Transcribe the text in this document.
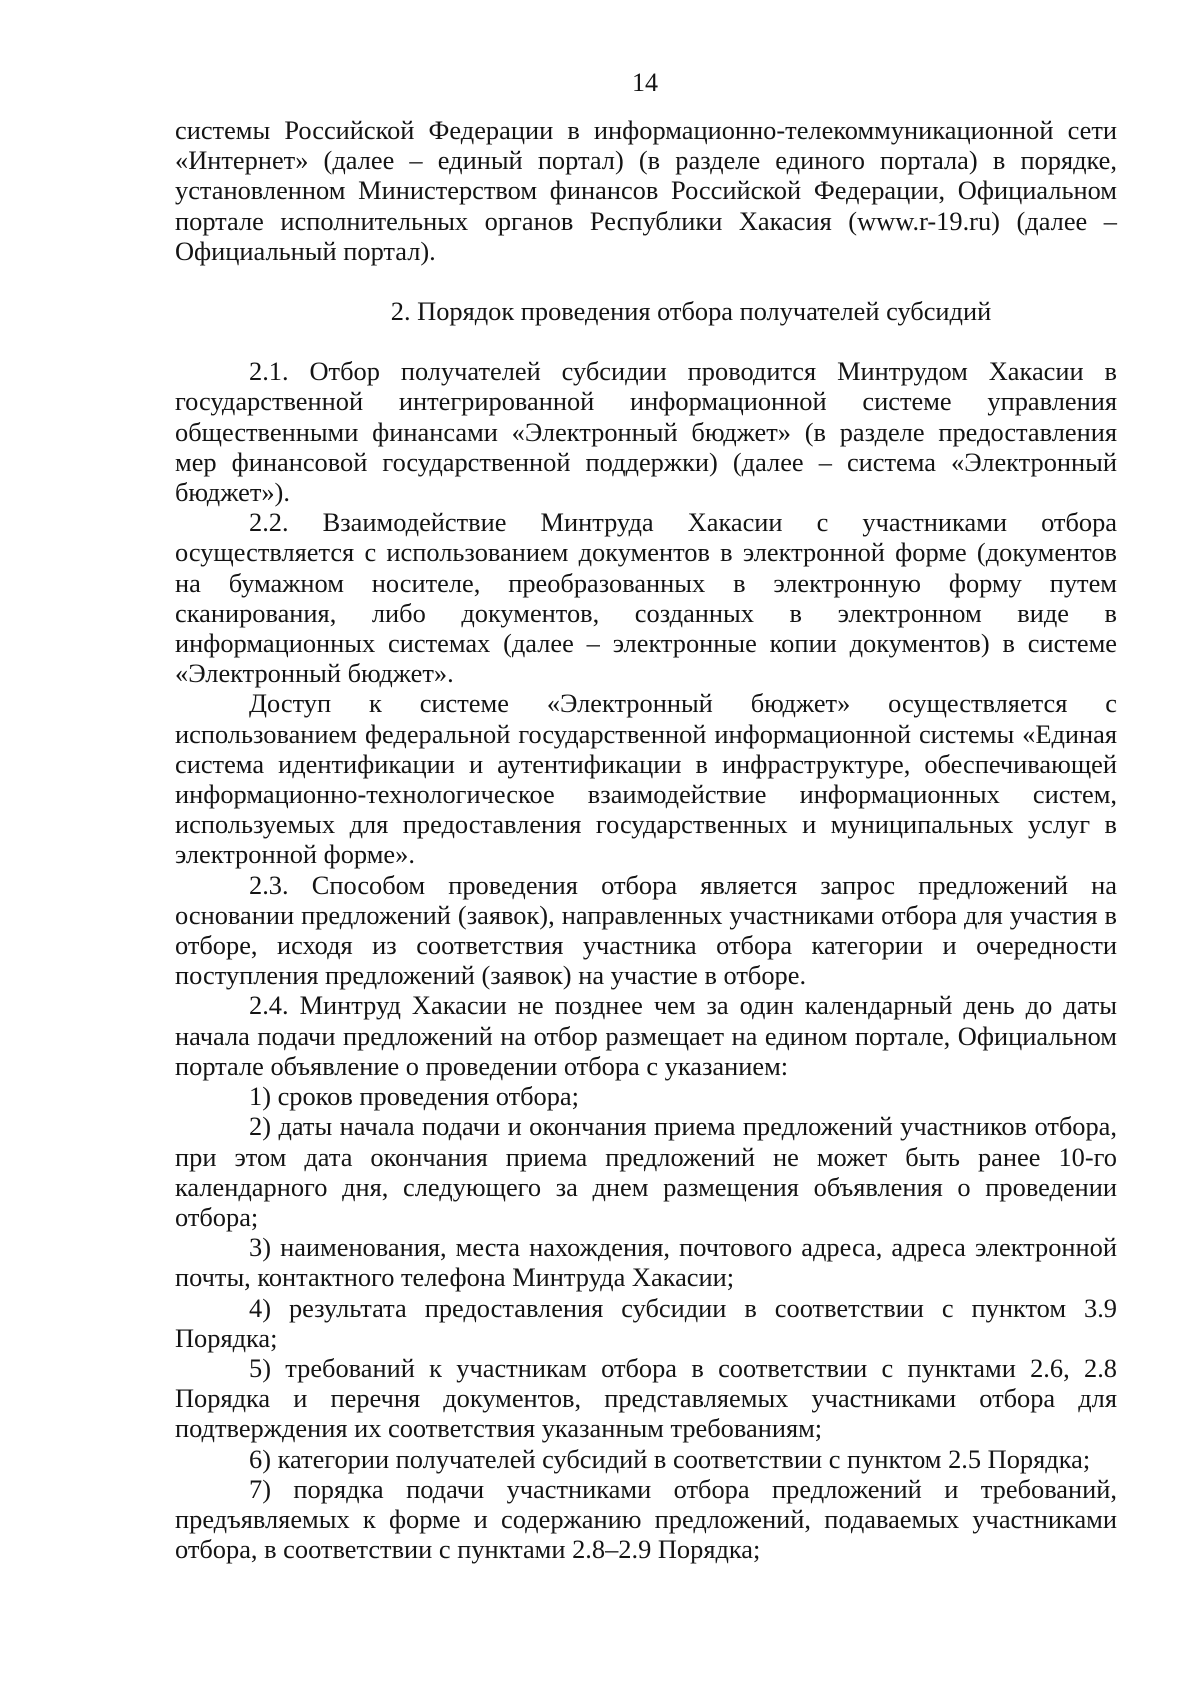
14

системы Российской Федерации в информационно-телекоммуникационной сети «Интернет» (далее – единый портал) (в разделе единого портала) в порядке, установленном Министерством финансов Российской Федерации, Официальном портале исполнительных органов Республики Хакасия (www.r-19.ru) (далее – Официальный портал).

2. Порядок проведения отбора получателей субсидий

2.1. Отбор получателей субсидии проводится Минтрудом Хакасии в государственной интегрированной информационной системе управления общественными финансами «Электронный бюджет» (в разделе предоставления мер финансовой государственной поддержки) (далее – система «Электронный бюджет»).

2.2. Взаимодействие Минтруда Хакасии с участниками отбора осуществляется с использованием документов в электронной форме (документов на бумажном носителе, преобразованных в электронную форму путем сканирования, либо документов, созданных в электронном виде в информационных системах (далее – электронные копии документов) в системе «Электронный бюджет».

Доступ к системе «Электронный бюджет» осуществляется с использованием федеральной государственной информационной системы «Единая система идентификации и аутентификации в инфраструктуре, обеспечивающей информационно-технологическое взаимодействие информационных систем, используемых для предоставления государственных и муниципальных услуг в электронной форме».

2.3. Способом проведения отбора является запрос предложений на основании предложений (заявок), направленных участниками отбора для участия в отборе, исходя из соответствия участника отбора категории и очередности поступления предложений (заявок) на участие в отборе.

2.4. Минтруд Хакасии не позднее чем за один календарный день до даты начала подачи предложений на отбор размещает на едином портале, Официальном портале объявление о проведении отбора с указанием:

1) сроков проведения отбора;

2) даты начала подачи и окончания приема предложений участников отбора, при этом дата окончания приема предложений не может быть ранее 10-го календарного дня, следующего за днем размещения объявления о проведении отбора;

3) наименования, места нахождения, почтового адреса, адреса электронной почты, контактного телефона Минтруда Хакасии;

4) результата предоставления субсидии в соответствии с пунктом 3.9 Порядка;

5) требований к участникам отбора в соответствии с пунктами 2.6, 2.8 Порядка и перечня документов, представляемых участниками отбора для подтверждения их соответствия указанным требованиям;

6) категории получателей субсидий в соответствии с пунктом 2.5 Порядка;

7) порядка подачи участниками отбора предложений и требований, предъявляемых к форме и содержанию предложений, подаваемых участниками отбора, в соответствии с пунктами 2.8–2.9 Порядка;
